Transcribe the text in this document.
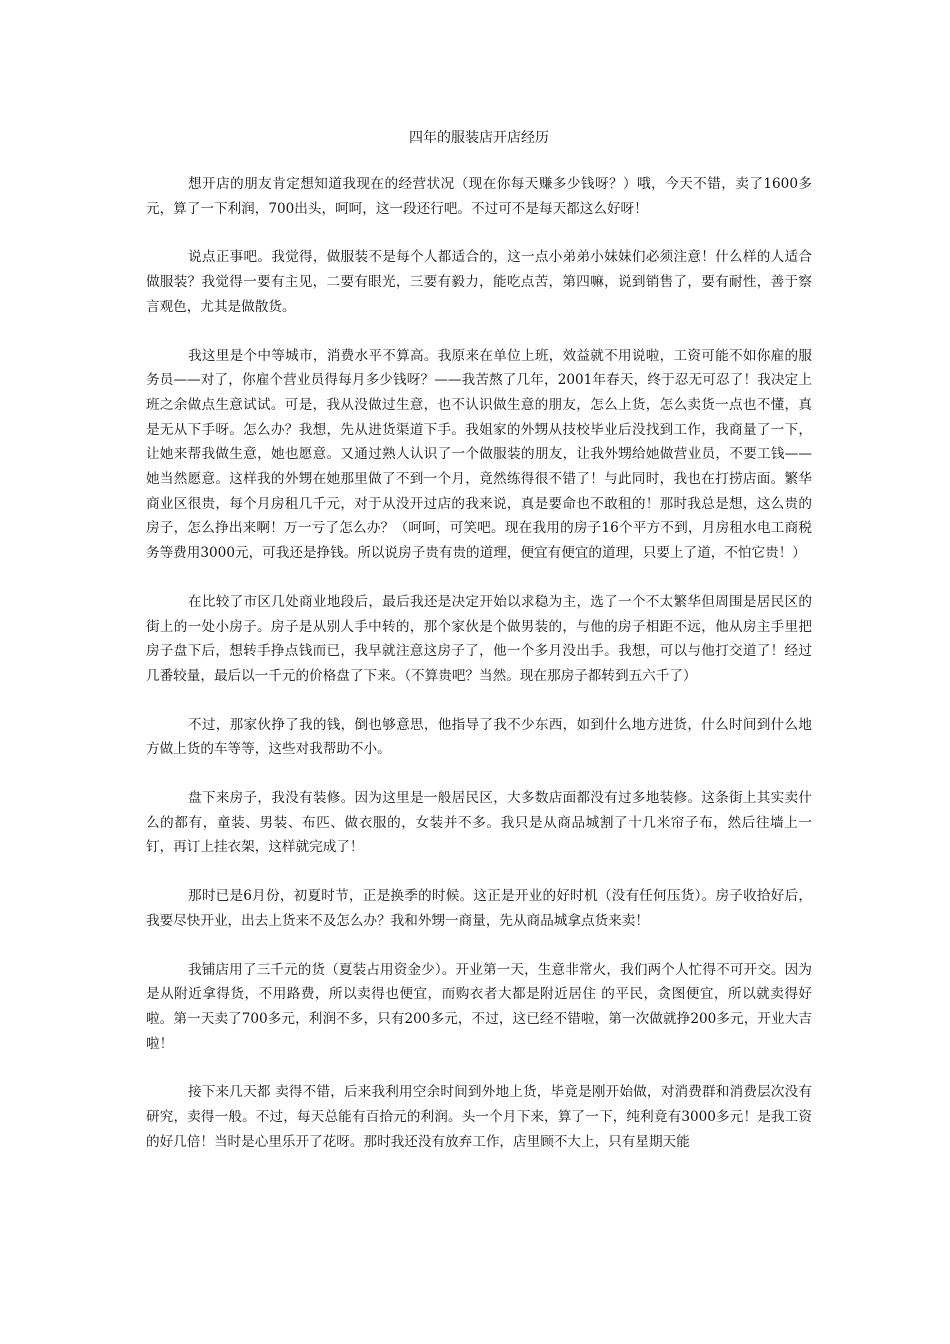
四年的服装店开店经历

想开店的朋友肯定想知道我现在的经营状况（现在你每天赚多少钱呀？）哦，今天不错，卖了1600多元，算了一下利润，700出头，呵呵，这一段还行吧。不过可不是每天都这么好呀！

说点正事吧。我觉得，做服装不是每个人都适合的，这一点小弟弟小妹妹们必须注意！什么样的人适合做服装？我觉得一要有主见，二要有眼光，三要有毅力，能吃点苦，第四嘛，说到销售了，要有耐性，善于察言观色，尤其是做散货。

我这里是个中等城市，消费水平不算高。我原来在单位上班，效益就不用说啦，工资可能不如你雇的服务员——对了，你雇个营业员得每月多少钱呀？——我苦熬了几年，2001年春天，终于忍无可忍了！我决定上班之余做点生意试试。可是，我从没做过生意，也不认识做生意的朋友，怎么上货，怎么卖货一点也不懂，真是无从下手呀。怎么办？我想，先从进货渠道下手。我姐家的外甥从技校毕业后没找到工作，我商量了一下，让她来帮我做生意，她也愿意。又通过熟人认识了一个做服装的朋友，让我外甥给她做营业员，不要工钱——她当然愿意。这样我的外甥在她那里做了不到一个月，竟然练得很不错了！与此同时，我也在打捞店面。繁华商业区很贵，每个月房租几千元，对于从没开过店的我来说，真是要命也不敢租的！那时我总是想，这么贵的房子，怎么挣出来啊！万一亏了怎么办？（呵呵，可笑吧。现在我用的房子16个平方不到，月房租水电工商税务等费用3000元，可我还是挣钱。所以说房子贵有贵的道理，便宜有便宜的道理，只要上了道，不怕它贵！）

在比较了市区几处商业地段后，最后我还是决定开始以求稳为主，选了一个不太繁华但周围是居民区的街上的一处小房子。房子是从别人手中转的，那个家伙是个做男装的，与他的房子相距不远，他从房主手里把房子盘下后，想转手挣点钱而已，我早就注意这房子了，他一个多月没出手。我想，可以与他打交道了！经过几番较量，最后以一千元的价格盘了下来。（不算贵吧？当然。现在那房子都转到五六千了）

不过，那家伙挣了我的钱，倒也够意思，他指导了我不少东西，如到什么地方进货，什么时间到什么地方做上货的车等等，这些对我帮助不小。

盘下来房子，我没有装修。因为这里是一般居民区，大多数店面都没有过多地装修。这条街上其实卖什么的都有，童装、男装、布匹、做衣服的，女装并不多。我只是从商品城割了十几米帘子布，然后往墙上一钉，再订上挂衣架，这样就完成了！

那时已是6月份，初夏时节，正是换季的时候。这正是开业的好时机（没有任何压货）。房子收拾好后，我要尽快开业，出去上货来不及怎么办？我和外甥一商量，先从商品城拿点货来卖！

我铺店用了三千元的货（夏装占用资金少）。开业第一天，生意非常火，我们两个人忙得不可开交。因为是从附近拿得货，不用路费，所以卖得也便宜，而购衣者大都是附近居住 的平民，贪图便宜，所以就卖得好啦。第一天卖了700多元，利润不多，只有200多元，不过，这已经不错啦，第一次做就挣200多元，开业大吉啦！

接下来几天都 卖得不错，后来我利用空余时间到外地上货，毕竟是刚开始做，对消费群和消费层次没有研究，卖得一般。不过，每天总能有百拾元的利润。头一个月下来，算了一下，纯利竟有3000多元！是我工资的好几倍！当时是心里乐开了花呀。那时我还没有放弃工作，店里顾不大上，只有星期天能
